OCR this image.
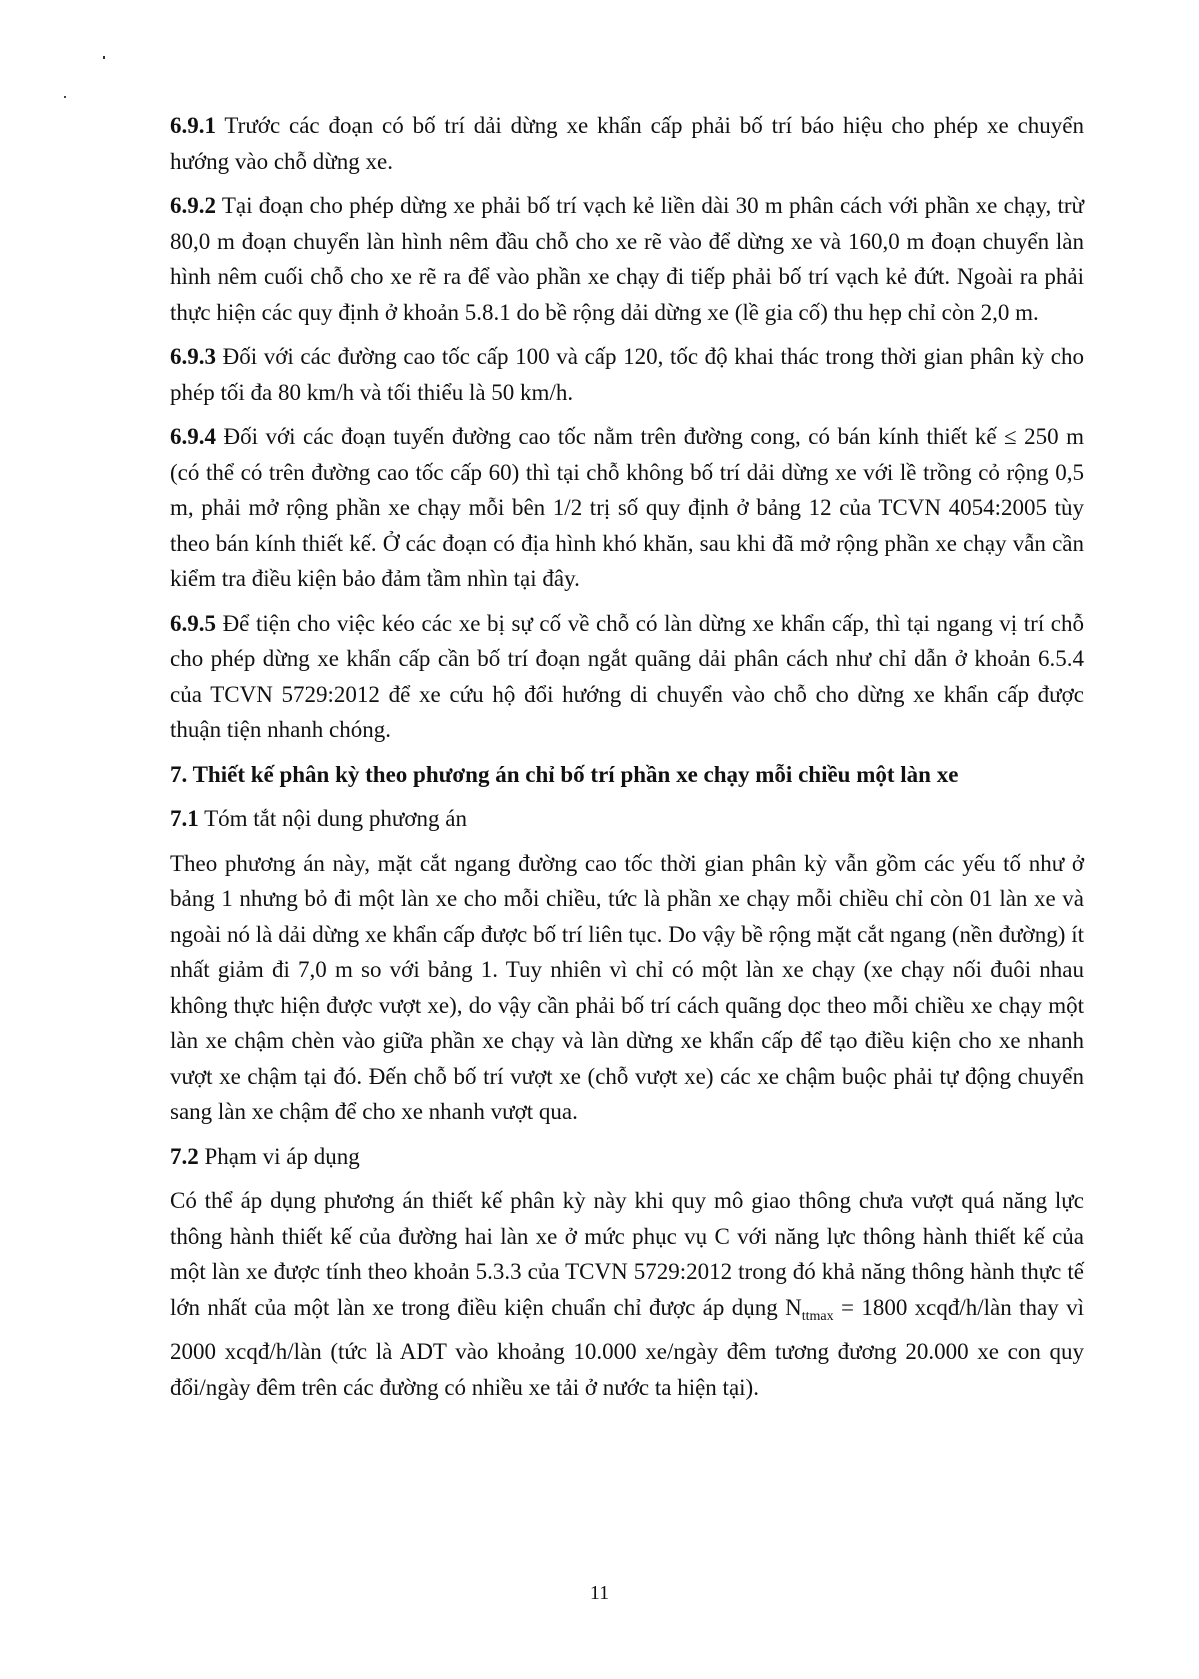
6.9.1 Trước các đoạn có bố trí dải dừng xe khẩn cấp phải bố trí báo hiệu cho phép xe chuyển hướng vào chỗ dừng xe.

6.9.2 Tại đoạn cho phép dừng xe phải bố trí vạch kẻ liền dài 30 m phân cách với phần xe chạy, trừ 80,0 m đoạn chuyển làn hình nêm đầu chỗ cho xe rẽ vào để dừng xe và 160,0 m đoạn chuyển làn hình nêm cuối chỗ cho xe rẽ ra để vào phần xe chạy đi tiếp phải bố trí vạch kẻ đứt. Ngoài ra phải thực hiện các quy định ở khoản 5.8.1 do bề rộng dải dừng xe (lề gia cố) thu hẹp chỉ còn 2,0 m.

6.9.3 Đối với các đường cao tốc cấp 100 và cấp 120, tốc độ khai thác trong thời gian phân kỳ cho phép tối đa 80 km/h và tối thiểu là 50 km/h.

6.9.4 Đối với các đoạn tuyến đường cao tốc nằm trên đường cong, có bán kính thiết kế ≤ 250 m (có thể có trên đường cao tốc cấp 60) thì tại chỗ không bố trí dải dừng xe với lề trồng cỏ rộng 0,5 m, phải mở rộng phần xe chạy mỗi bên 1/2 trị số quy định ở bảng 12 của TCVN 4054:2005 tùy theo bán kính thiết kế. Ở các đoạn có địa hình khó khăn, sau khi đã mở rộng phần xe chạy vẫn cần kiểm tra điều kiện bảo đảm tầm nhìn tại đây.

6.9.5 Để tiện cho việc kéo các xe bị sự cố về chỗ có làn dừng xe khẩn cấp, thì tại ngang vị trí chỗ cho phép dừng xe khẩn cấp cần bố trí đoạn ngắt quãng dải phân cách như chỉ dẫn ở khoản 6.5.4 của TCVN 5729:2012 để xe cứu hộ đổi hướng di chuyển vào chỗ cho dừng xe khẩn cấp được thuận tiện nhanh chóng.

7. Thiết kế phân kỳ theo phương án chỉ bố trí phần xe chạy mỗi chiều một làn xe

7.1 Tóm tắt nội dung phương án

Theo phương án này, mặt cắt ngang đường cao tốc thời gian phân kỳ vẫn gồm các yếu tố như ở bảng 1 nhưng bỏ đi một làn xe cho mỗi chiều, tức là phần xe chạy mỗi chiều chỉ còn 01 làn xe và ngoài nó là dải dừng xe khẩn cấp được bố trí liên tục. Do vậy bề rộng mặt cắt ngang (nền đường) ít nhất giảm đi 7,0 m so với bảng 1. Tuy nhiên vì chỉ có một làn xe chạy (xe chạy nối đuôi nhau không thực hiện được vượt xe), do vậy cần phải bố trí cách quãng dọc theo mỗi chiều xe chạy một làn xe chậm chèn vào giữa phần xe chạy và làn dừng xe khẩn cấp để tạo điều kiện cho xe nhanh vượt xe chậm tại đó. Đến chỗ bố trí vượt xe (chỗ vượt xe) các xe chậm buộc phải tự động chuyển sang làn xe chậm để cho xe nhanh vượt qua.

7.2 Phạm vi áp dụng

Có thể áp dụng phương án thiết kế phân kỳ này khi quy mô giao thông chưa vượt quá năng lực thông hành thiết kế của đường hai làn xe ở mức phục vụ C với năng lực thông hành thiết kế của một làn xe được tính theo khoản 5.3.3 của TCVN 5729:2012 trong đó khả năng thông hành thực tế lớn nhất của một làn xe trong điều kiện chuẩn chỉ được áp dụng $N_{ttmax} = 1800$ xcqđ/h/làn thay vì 2000 xcqđ/h/làn (tức là ADT vào khoảng 10.000 xe/ngày đêm tương đương 20.000 xe con quy đổi/ngày đêm trên các đường có nhiều xe tải ở nước ta hiện tại).

11
